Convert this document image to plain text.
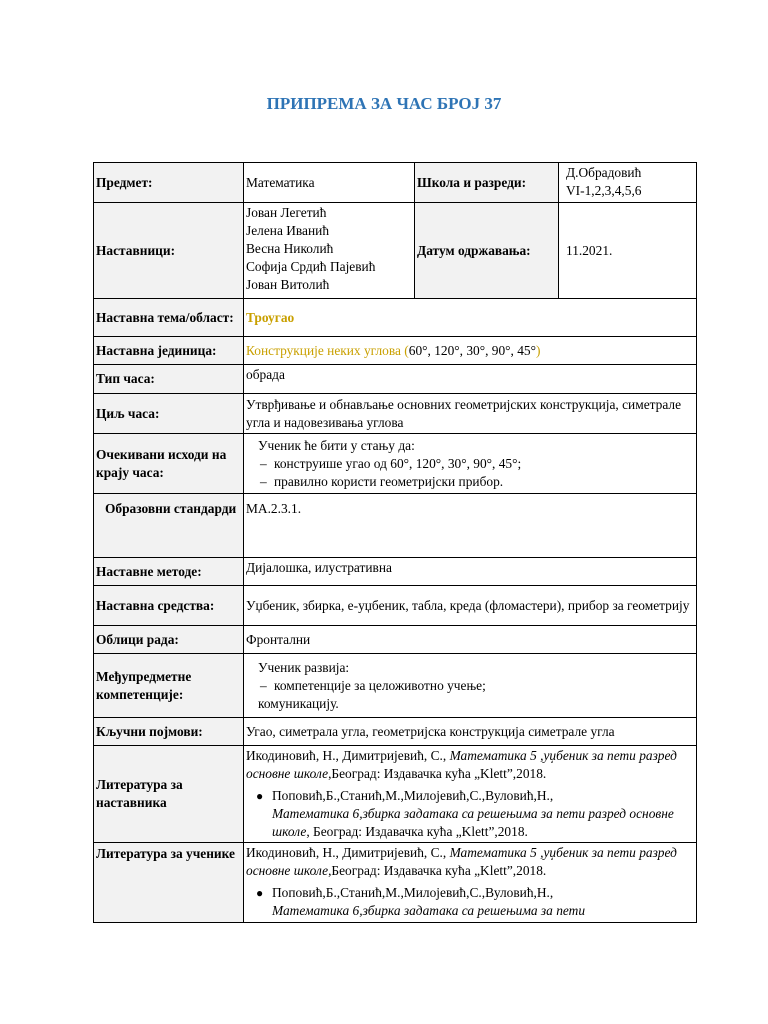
ПРИПРЕМА ЗА ЧАС БРОЈ 37
Предмет:	Математика	Школа и разреди:	Д.Обрадовић
VI-1,2,3,4,5,6

Наставници:	Јован Легетић
Јелена Иванић
Весна Николић
Софија Срдић Пајевић
Јован Витолић	Датум одржавања:	11.2021.
Наставна тема/област:	Троугао		
Наставна јединица:	Конструкције неких углова (60°, 120°, 30°, 90°, 45°)		
Тип часа:	обрада		
Циљ часа:	Утврђивање и обнављање основних геометријских конструкција, симетрале угла и надовезивања углова		
Очекивани исходи на крају часа:	Ученик ће бити у стању да:
– конструише угао од 60°, 120°, 30°, 90°, 45°;
– правилно користи геометријски прибор.		

Образовни стандарди	МА.2.3.1.		
Наставне методе:	Дијалошка, илустративна		
Наставна средства:	Уџбеник, збирка, е-уџбеник, табла, креда (фломастери), прибор за геометрију		
Облици рада:	Фронтални		
Међупредметне компетенције:	Ученик развија:
– компетенције за целоживотно учење;
комуникацију.		

Кључни појмови:	Угао, симетрала угла, геометријска конструкција симетрале угла		
Литература за наставника	Икодиновић, Н., Димитријевић, С., Математика 5 ,уџбеник за пети разред основне школе,Београд: Издавачка кућа „Klett”,2018.
● Поповић,Б.,Станић,М.,Милојевић,С.,Вуловић,Н.,
Математика 6,збирка задатака са решењима за пети разред основне школе, Београд: Издавачка кућа „Klett”,2018.		

Литература за ученике	Икодиновић, Н., Димитријевић, С., Математика 5 ,уџбеник за пети разред основне школе,Београд: Издавачка кућа „Klett”,2018.
● Поповић,Б.,Станић,М.,Милојевић,С.,Вуловић,Н.,
Математика 6,збирка задатака са решењима за пети		
